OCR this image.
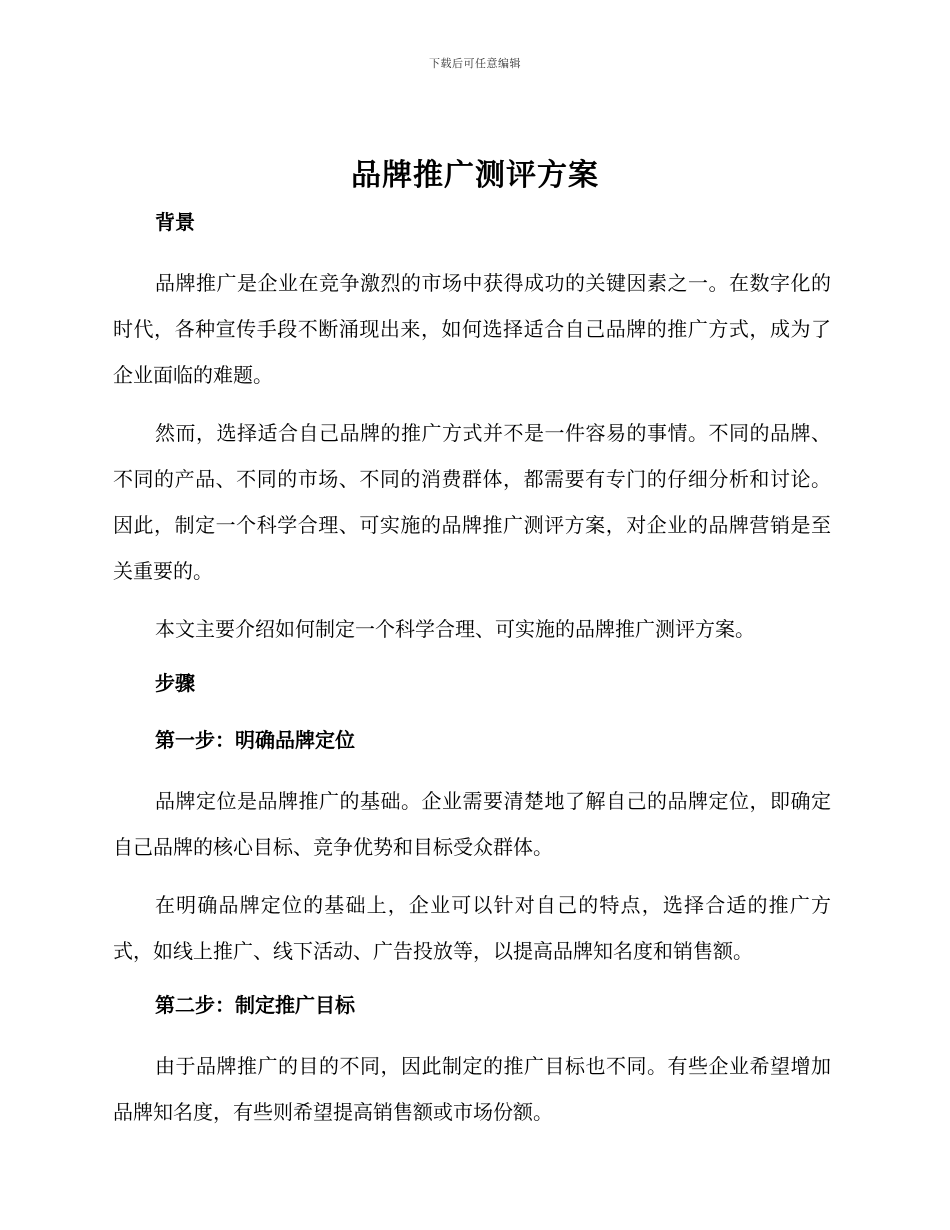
下载后可任意编辑
品牌推广测评方案
背景

品牌推广是企业在竞争激烈的市场中获得成功的关键因素之一。在数字化的时代，各种宣传手段不断涌现出来，如何选择适合自己品牌的推广方式，成为了企业面临的难题。

然而，选择适合自己品牌的推广方式并不是一件容易的事情。不同的品牌、不同的产品、不同的市场、不同的消费群体，都需要有专门的仔细分析和讨论。因此，制定一个科学合理、可实施的品牌推广测评方案，对企业的品牌营销是至关重要的。

本文主要介绍如何制定一个科学合理、可实施的品牌推广测评方案。

步骤
第一步：明确品牌定位

品牌定位是品牌推广的基础。企业需要清楚地了解自己的品牌定位，即确定自己品牌的核心目标、竞争优势和目标受众群体。

在明确品牌定位的基础上，企业可以针对自己的特点，选择合适的推广方式，如线上推广、线下活动、广告投放等，以提高品牌知名度和销售额。

第二步：制定推广目标

由于品牌推广的目的不同，因此制定的推广目标也不同。有些企业希望增加品牌知名度，有些则希望提高销售额或市场份额。
